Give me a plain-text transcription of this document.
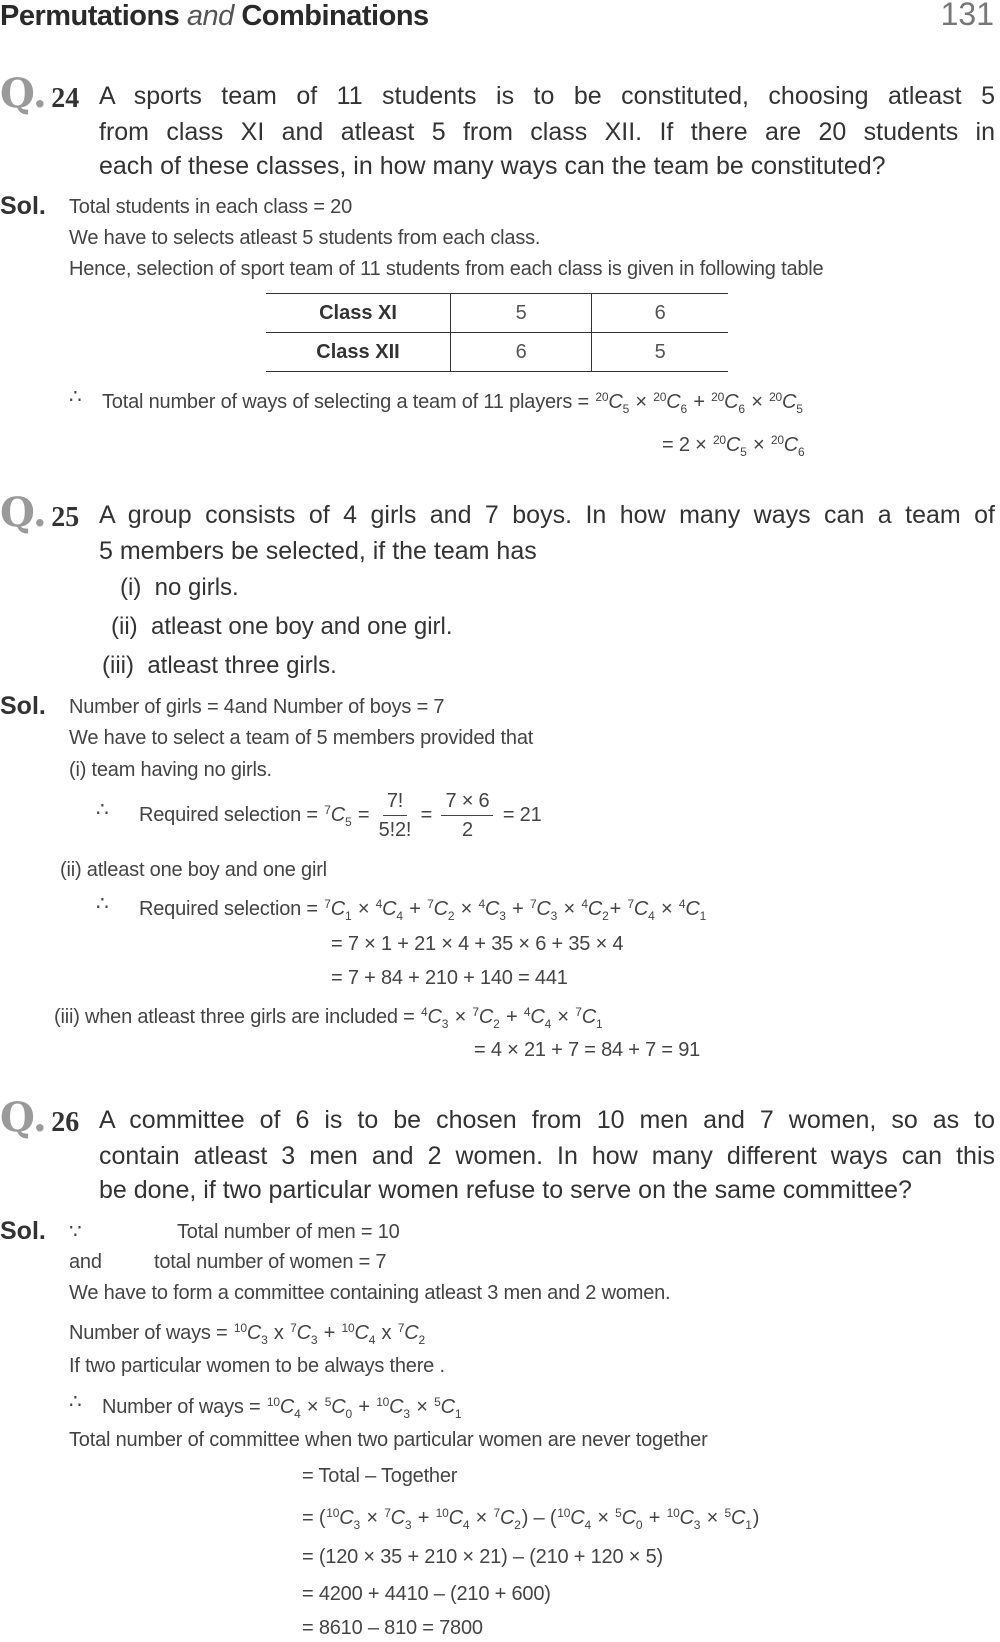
Permutations and Combinations	131
Q. 24 A sports team of 11 students is to be constituted, choosing atleast 5
from class XI and atleast 5 from class XII. If there are 20 students in
each of these classes, in how many ways can the team be constituted?
Sol. Total students in each class = 20
We have to selects atleast 5 students from each class.
Hence, selection of sport team of 11 students from each class is given in following table
Class XI	5	6
Class XII	6	5
∴ Total number of ways of selecting a team of 11 players = $^{20}C_5 \times ^{20}C_6 + ^{20}C_6 \times ^{20}C_5$
= $2 \times ^{20}C_5 \times ^{20}C_6$
Q. 25 A group consists of 4 girls and 7 boys. In how many ways can a team of
5 members be selected, if the team has
(i) no girls.
(ii) atleast one boy and one girl.
(iii) atleast three girls.
Sol. Number of girls = 4and Number of boys = 7
We have to select a team of 5 members provided that
(i) team having no girls.
∴ Required selection = $^7C_5 = \frac{7!}{5!2!} = \frac{7 \times 6}{2} = 21$
(ii) atleast one boy and one girl
∴ Required selection = $^7C_1 \times ^4C_4 + ^7C_2 \times ^4C_3 + ^7C_3 \times ^4C_2+ ^7C_4 \times ^4C_1$
= 7 × 1 + 21 × 4 + 35 × 6 + 35 × 4
= 7 + 84 + 210 + 140 = 441
(iii) when atleast three girls are included = $^4C_3 \times ^7C_2 + ^4C_4 \times ^7C_1$
= 4 × 21 + 7 = 84 + 7 = 91
Q. 26 A committee of 6 is to be chosen from 10 men and 7 women, so as to
contain atleast 3 men and 2 women. In how many different ways can this
be done, if two particular women refuse to serve on the same committee?
Sol. ∵	Total number of men = 10
and	total number of women = 7
We have to form a committee containing atleast 3 men and 2 women.
Number of ways = $^{10}C_3$ x $^7C_3 + ^{10}C_4$ x $^7C_2$
If two particular women to be always there .
∴ Number of ways = $^{10}C_4 \times ^5C_0 + ^{10}C_3 \times ^5C_1$
Total number of committee when two particular women are never together
= Total – Together
= $(^{10}C_3 \times ^7C_3 + ^{10}C_4 \times ^7C_2) - (^{10}C_4 \times ^5C_0 + ^{10}C_3 \times ^5C_1)$
= (120 × 35 + 210 × 21) – (210 + 120 × 5)
= 4200 + 4410 – (210 + 600)
= 8610 – 810 = 7800
